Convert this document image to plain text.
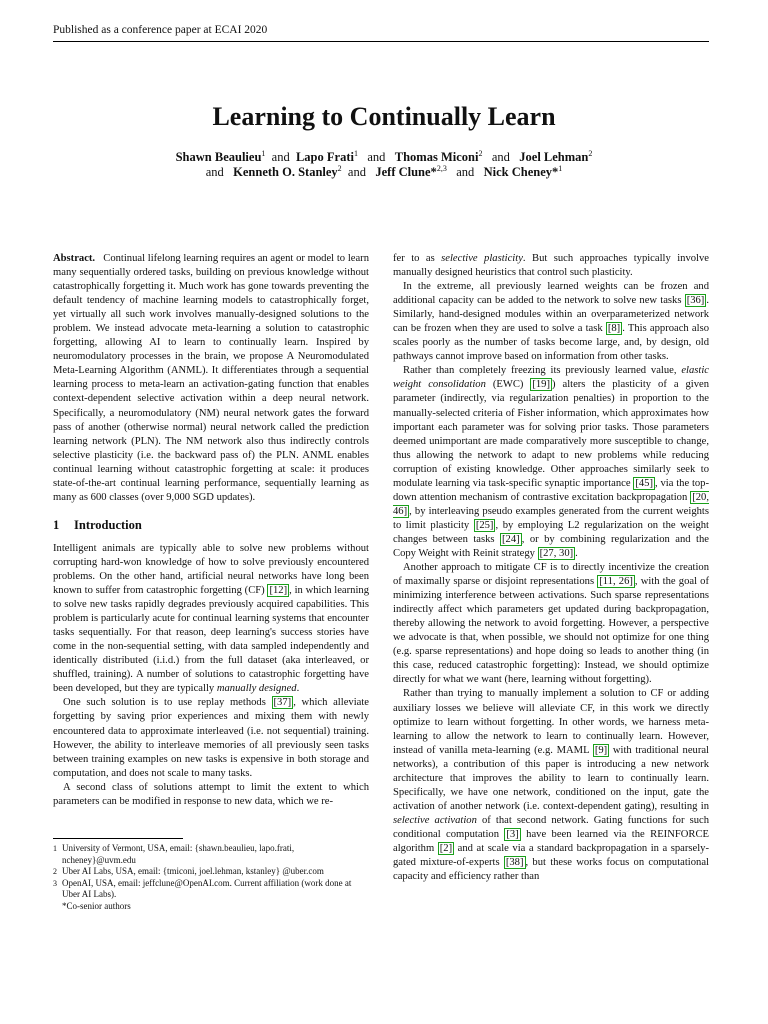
Published as a conference paper at ECAI 2020
Learning to Continually Learn
Shawn Beaulieu$^1$ and Lapo Frati$^1$ and Thomas Miconi$^2$ and Joel Lehman$^2$
and Kenneth O. Stanley$^2$ and Jeff Clune*$^{2,3}$ and Nick Cheney*$^1$

Abstract. Continual lifelong learning requires an agent or model to learn many sequentially ordered tasks, building on previous knowledge without catastrophically forgetting it. Much work has gone towards preventing the default tendency of machine learning models to catastrophically forget, yet virtually all such work involves manually-designed solutions to the problem. We instead advocate meta-learning a solution to catastrophic forgetting, allowing AI to learn to continually learn. Inspired by neuromodulatory processes in the brain, we propose A Neuromodulated Meta-Learning Algorithm (ANML). It differentiates through a sequential learning process to meta-learn an activation-gating function that enables context-dependent selective activation within a deep neural network. Specifically, a neuromodulatory (NM) neural network gates the forward pass of another (otherwise normal) neural network called the prediction learning network (PLN). The NM network also thus indirectly controls selective plasticity (i.e. the backward pass of) the PLN. ANML enables continual learning without catastrophic forgetting at scale: it produces state-of-the-art continual learning performance, sequentially learning as many as 600 classes (over 9,000 SGD updates).

1 Introduction

Intelligent animals are typically able to solve new problems without corrupting hard-won knowledge of how to solve previously encountered problems. On the other hand, artificial neural networks have long been known to suffer from catastrophic forgetting (CF) [12] , in which learning to solve new tasks rapidly degrades previously acquired capabilities. This problem is particularly acute for continual learning systems that encounter tasks sequentially. For that reason, deep learning's success stories have come in the non-sequential setting, with data sampled independently and identically distributed (i.i.d.) from the full dataset (aka interleaved, or shuffled, training). A number of solutions to catastrophic forgetting have been developed, but they are typically manually designed.

One such solution is to use replay methods [37] , which alleviate forgetting by saving prior experiences and mixing them with newly encountered data to approximate interleaved (i.e. not sequential) training. However, the ability to interleave memories of all previously seen tasks between training examples on new tasks is expensive in both storage and computation, and does not scale to many tasks.

A second class of solutions attempt to limit the extent to which parameters can be modified in response to new data, which we re-

1 University of Vermont, USA, email: {shawn.beaulieu, lapo.frati, ncheney}@uvm.edu
2 Uber AI Labs, USA, email: {tmiconi, joel.lehman, kstanley} @uber.com
3 OpenAI, USA, email: jeffclune@OpenAI.com. Current affiliation (work done at Uber AI Labs).
*Co-senior authors

fer to as selective plasticity. But such approaches typically involve manually designed heuristics that control such plasticity.

In the extreme, all previously learned weights can be frozen and additional capacity can be added to the network to solve new tasks [36] . Similarly, hand-designed modules within an overparameterized network can be frozen when they are used to solve a task [8] . This approach also scales poorly as the number of tasks become large, and, by design, old pathways cannot improve based on information from other tasks.

Rather than completely freezing its previously learned value, elastic weight consolidation (EWC) [19] ) alters the plasticity of a given parameter (indirectly, via regularization penalties) in proportion to the manually-selected criteria of Fisher information, which approximates how important each parameter was for solving prior tasks. Those parameters deemed unimportant are made comparatively more susceptible to change, thus allowing the network to adapt to new problems while reducing corruption of existing knowledge. Other approaches similarly seek to modulate learning via task-specific synaptic importance [45] , via the top-down attention mechanism of contrastive excitation backpropagation [20, 46] , by interleaving pseudo examples generated from the current weights to limit plasticity [25] , by employing L2 regularization on the weight changes between tasks [24] , or by combining regularization and the Copy Weight with Reinit strategy [27, 30] .

Another approach to mitigate CF is to directly incentivize the creation of maximally sparse or disjoint representations [11, 26] , with the goal of minimizing interference between activations. Such sparse representations indirectly affect which parameters get updated during backpropagation, thereby allowing the network to avoid forgetting. However, a perspective we advocate is that, when possible, we should not optimize for one thing (e.g. sparse representations) and hope doing so leads to another thing (in this case, reduced catastrophic forgetting): Instead, we should optimize directly for what we want (here, learning without forgetting).

Rather than trying to manually implement a solution to CF or adding auxiliary losses we believe will alleviate CF, in this work we directly optimize to learn without forgetting. In other words, we harness meta-learning to allow the network to learn to continually learn. However, instead of vanilla meta-learning (e.g. MAML [9] with traditional neural networks), a contribution of this paper is introducing a new network architecture that improves the ability to learn to continually learn. Specifically, we have one network, conditioned on the input, gate the activation of another network (i.e. context-dependent gating), resulting in selective activation of that second network. Gating functions for such conditional computation [3] have been learned via the REINFORCE algorithm [2] and at scale via a standard backpropagation in a sparsely-gated mixture-of-experts [38] , but these works focus on computational capacity and efficiency rather than
